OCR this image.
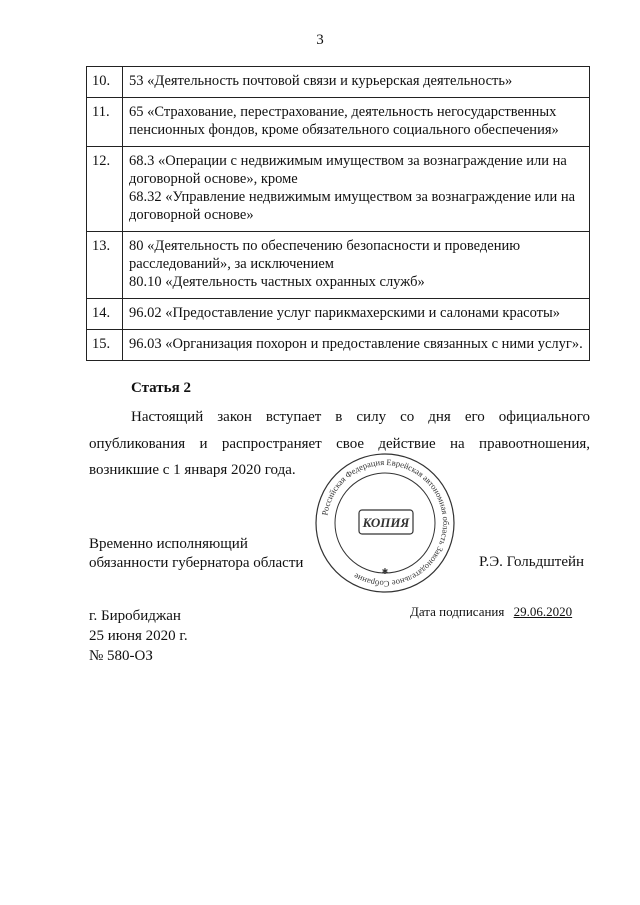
3
10.	53 «Деятельность почтовой связи и курьерская деятельность»

11.	65 «Страхование, перестрахование, деятельность негосударственных пенсионных фондов, кроме обязательного социального обеспечения»

12.	68.3 «Операции с недвижимым имуществом за вознаграждение или на договорной основе», кроме
68.32 «Управление недвижимым имуществом за вознаграждение или на договорной основе»

13.	80 «Деятельность по обеспечению безопасности и проведению расследований», за исключением
80.10 «Деятельность частных охранных служб»

14.	96.02 «Предоставление услуг парикмахерскими и салонами красоты»

15.	96.03 «Организация похорон и предоставление связанных с ними услуг».
Статья 2
Настоящий закон вступает в силу со дня его официального опубликования и распространяет свое действие на правоотношения, возникшие с 1 января 2020 года.
Временно исполняющий
обязанности губернатора области
Российская Федерация Еврейская автономная область Законодательное Собрание
КОПИЯ
✱
Р.Э. Гольдштейн
Дата подписания 29.06.2020
г. Биробиджан
25 июня 2020 г.
№ 580-ОЗ
